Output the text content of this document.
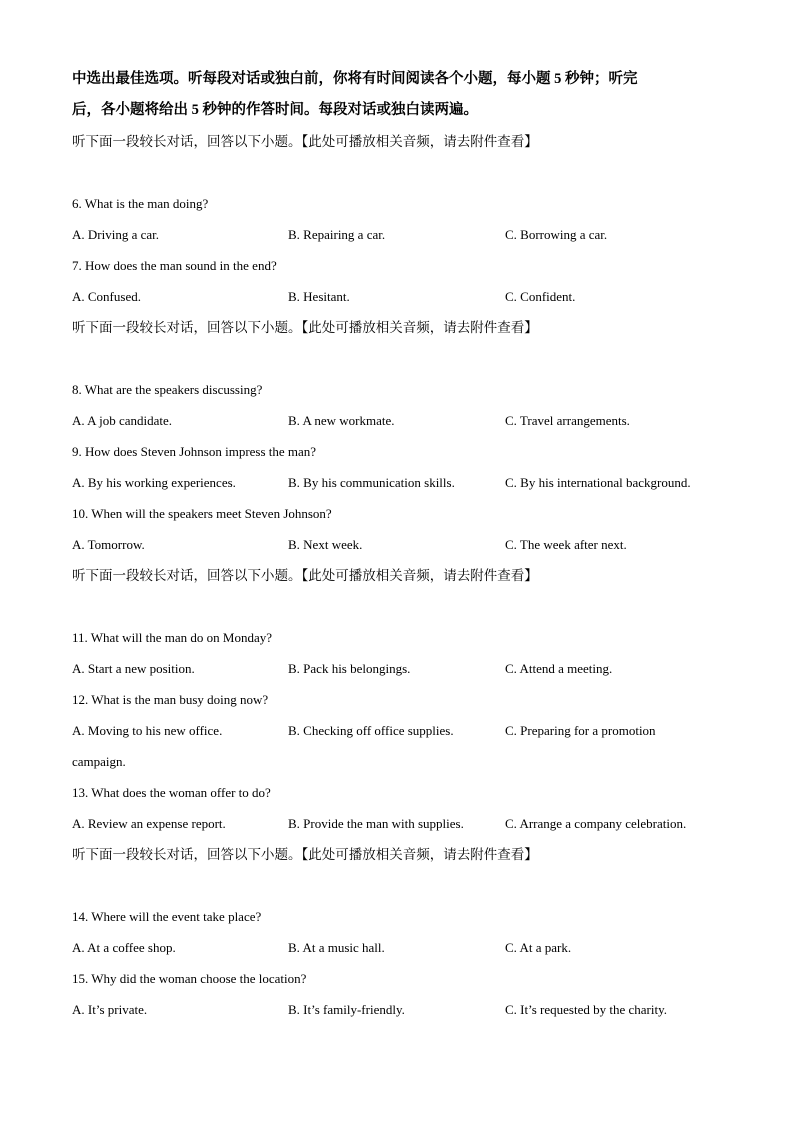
中选出最佳选项。听每段对话或独白前，你将有时间阅读各个小题，每小题 5 秒钟；听完

后，各小题将给出 5 秒钟的作答时间。每段对话或独白读两遍。

听下面一段较长对话，回答以下小题。【此处可播放相关音频，请去附件查看】

6. What is the man doing?

A. Driving a car.	B. Repairing a car.	C. Borrowing a car.

7. How does the man sound in the end?

A. Confused.	B. Hesitant.	C. Confident.

听下面一段较长对话，回答以下小题。【此处可播放相关音频，请去附件查看】

8. What are the speakers discussing?

A. A job candidate.	B. A new workmate.	C. Travel arrangements.

9. How does Steven Johnson impress the man?

A. By his working experiences.	B. By his communication skills.	C. By his international background.

10. When will the speakers meet Steven Johnson?

A. Tomorrow.	B. Next week.	C. The week after next.

听下面一段较长对话，回答以下小题。【此处可播放相关音频，请去附件查看】

11. What will the man do on Monday?

A. Start a new position.	B. Pack his belongings.	C. Attend a meeting.

12. What is the man busy doing now?

A. Moving to his new office.	B. Checking off office supplies.	C. Preparing for a promotion

campaign.

13. What does the woman offer to do?

A. Review an expense report.	B. Provide the man with supplies.	C. Arrange a company celebration.

听下面一段较长对话，回答以下小题。【此处可播放相关音频，请去附件查看】

14. Where will the event take place?

A. At a coffee shop.	B. At a music hall.	C. At a park.

15. Why did the woman choose the location?

A. It’s private.	B. It’s family-friendly.	C. It’s requested by the charity.
